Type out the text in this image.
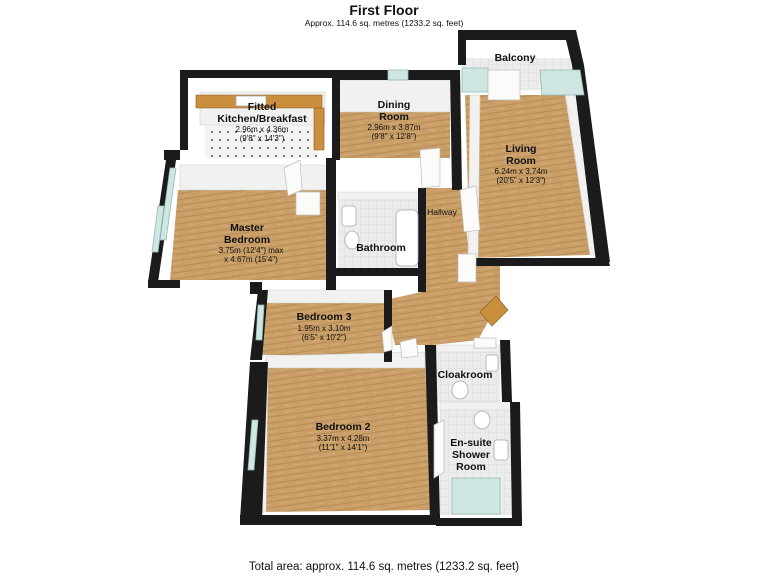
First Floor
Approx. 114.6 sq. metres (1233.2 sq. feet)
Balcony
Fitted
Kitchen/Breakfast
2.96m x 4.36m
(9'8" x 14'3")
Dining
Room
2.96m x 3.87m
(9'8" x 12'8")
Living
Room
6.24m x 3.74m
(20'5" x 12'3")
Master
Bedroom
3.75m (12'4") max
x 4.67m (15'4")
Bathroom
Hallway
Bedroom 3
1.95m x 3.10m
(6'5" x 10'2")
Cloakroom
Bedroom 2
3.37m x 4.28m
(11'1" x 14'1")	En-suite
Shower
Room
Total area: approx. 114.6 sq. metres (1233.2 sq. feet)
